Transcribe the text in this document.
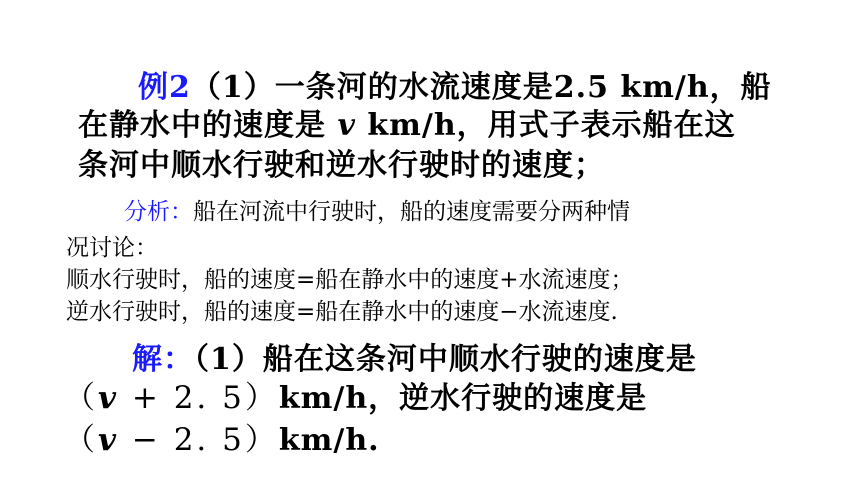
例2（1）一条河的水流速度是2.5 km/h，船
在静水中的速度是 v km/h，用式子表示船在这
条河中顺水行驶和逆水行驶时的速度；
分析：船在河流中行驶时，船的速度需要分两种情
况讨论：
顺水行驶时，船的速度=船在静水中的速度+水流速度；
逆水行驶时，船的速度=船在静水中的速度−水流速度.
解：（1）船在这条河中顺水行驶的速度是
（v + 2. 5）km/h，逆水行驶的速度是
（v − 2. 5）km/h.
